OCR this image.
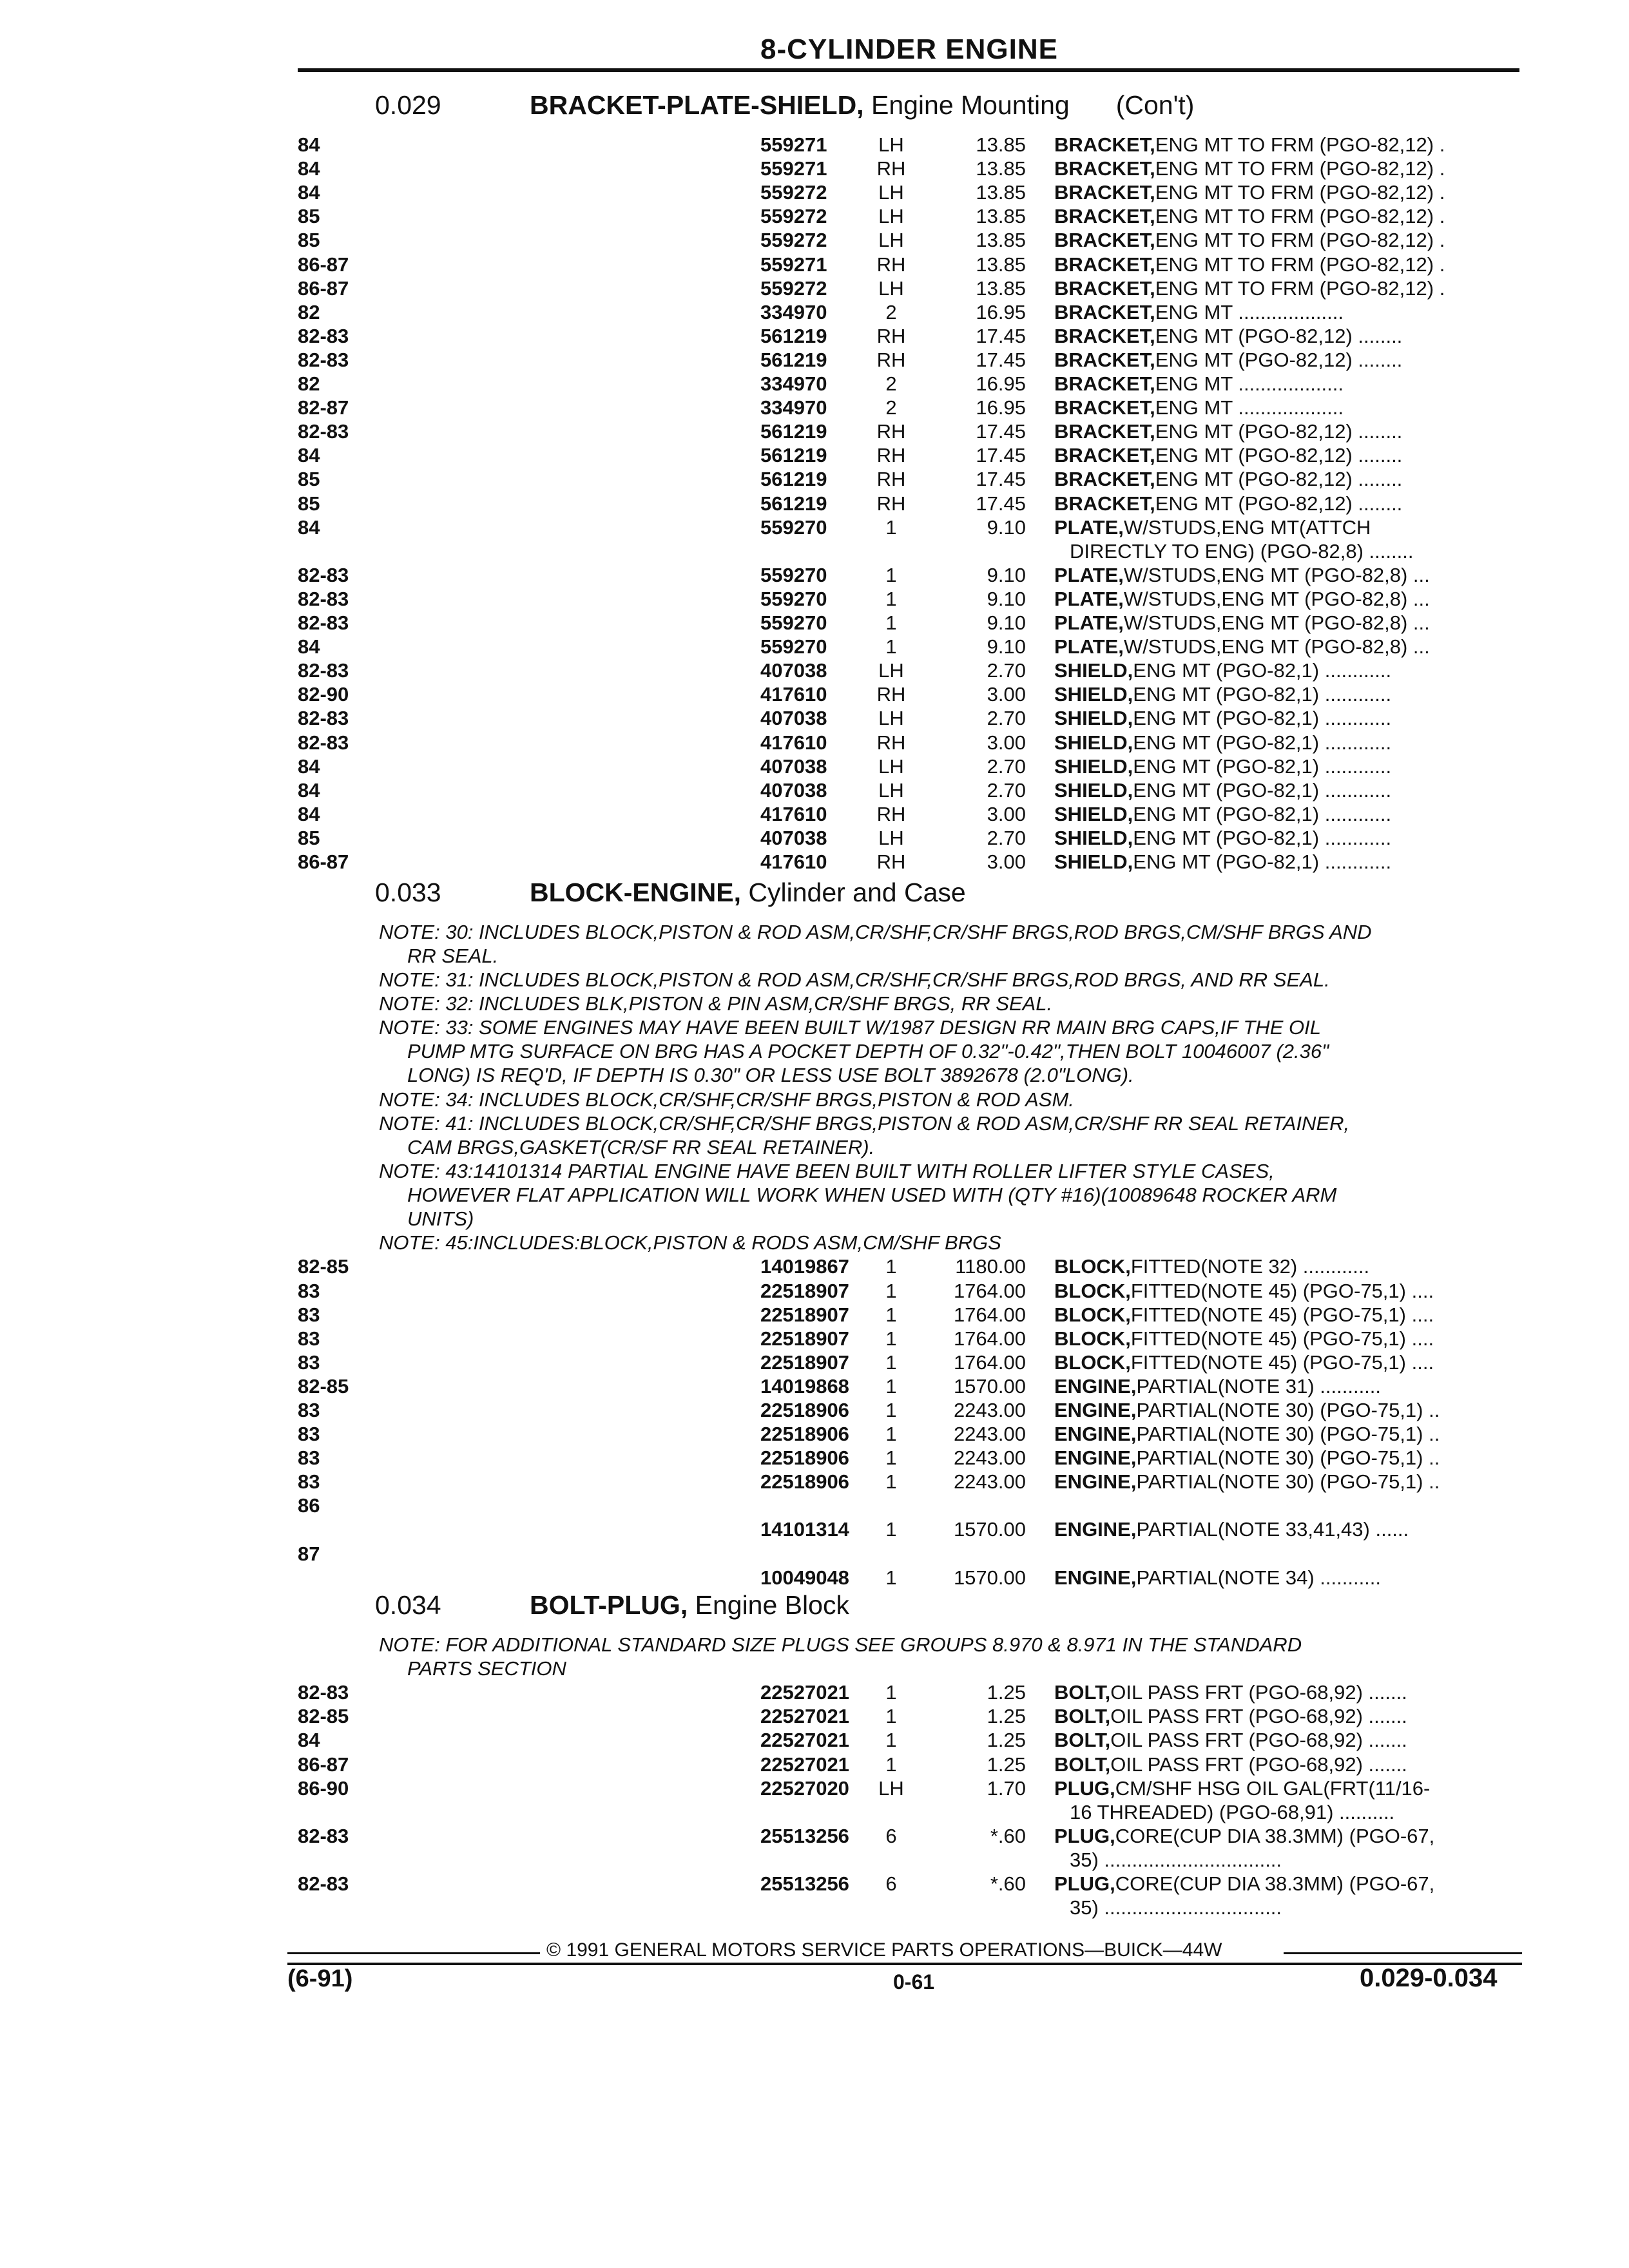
8-CYLINDER ENGINE
0.029	BRACKET-PLATE-SHIELD, Engine Mounting (Con't)
84	559271	LH	13.85 BRACKET, ENG MT TO FRM (PGO-82,12) .
84	559271	RH	13.85 BRACKET, ENG MT TO FRM (PGO-82,12) .
84	559272	LH	13.85 BRACKET, ENG MT TO FRM (PGO-82,12) .
85	559272	LH	13.85 BRACKET, ENG MT TO FRM (PGO-82,12) .
85	559272	LH	13.85 BRACKET, ENG MT TO FRM (PGO-82,12) .
86-87	559271	RH	13.85 BRACKET, ENG MT TO FRM (PGO-82,12) .
86-87	559272	LH	13.85 BRACKET, ENG MT TO FRM (PGO-82,12) .
82	334970	2	16.95 BRACKET, ENG MT ...................
82-83	561219	RH	17.45 BRACKET, ENG MT (PGO-82,12) ........
82-83	561219	RH	17.45 BRACKET, ENG MT (PGO-82,12) ........
82	334970	2	16.95 BRACKET, ENG MT ...................
82-87	334970	2	16.95 BRACKET, ENG MT ...................
82-83	561219	RH	17.45 BRACKET, ENG MT (PGO-82,12) ........
84	561219	RH	17.45 BRACKET, ENG MT (PGO-82,12) ........
85	561219	RH	17.45 BRACKET, ENG MT (PGO-82,12) ........
85	561219	RH	17.45 BRACKET, ENG MT (PGO-82,12) ........
84	559270	1	9.10 PLATE, W/STUDS,ENG MT(ATTCH
DIRECTLY TO ENG) (PGO-82,8) ........
82-83	559270	1	9.10 PLATE, W/STUDS,ENG MT (PGO-82,8) ...
82-83	559270	1	9.10 PLATE, W/STUDS,ENG MT (PGO-82,8) ...
82-83	559270	1	9.10 PLATE, W/STUDS,ENG MT (PGO-82,8) ...
84	559270	1	9.10 PLATE, W/STUDS,ENG MT (PGO-82,8) ...
82-83	407038	LH	2.70 SHIELD, ENG MT (PGO-82,1) ............
82-90	417610	RH	3.00 SHIELD, ENG MT (PGO-82,1) ............
82-83	407038	LH	2.70 SHIELD, ENG MT (PGO-82,1) ............
82-83	417610	RH	3.00 SHIELD, ENG MT (PGO-82,1) ............
84	407038	LH	2.70 SHIELD, ENG MT (PGO-82,1) ............
84	407038	LH	2.70 SHIELD, ENG MT (PGO-82,1) ............
84	417610	RH	3.00 SHIELD, ENG MT (PGO-82,1) ............
85	407038	LH	2.70 SHIELD, ENG MT (PGO-82,1) ............
86-87	417610	RH	3.00 SHIELD, ENG MT (PGO-82,1) ............
0.033	BLOCK-ENGINE, Cylinder and Case
NOTE: 30: INCLUDES BLOCK,PISTON & ROD ASM,CR/SHF,CR/SHF BRGS,ROD BRGS,CM/SHF BRGS AND
RR SEAL.
NOTE: 31: INCLUDES BLOCK,PISTON & ROD ASM,CR/SHF,CR/SHF BRGS,ROD BRGS, AND RR SEAL.
NOTE: 32: INCLUDES BLK,PISTON & PIN ASM,CR/SHF BRGS, RR SEAL.
NOTE: 33: SOME ENGINES MAY HAVE BEEN BUILT W/1987 DESIGN RR MAIN BRG CAPS,IF THE OIL
PUMP MTG SURFACE ON BRG HAS A POCKET DEPTH OF 0.32"-0.42",THEN BOLT 10046007 (2.36"
LONG) IS REQ'D, IF DEPTH IS 0.30" OR LESS USE BOLT 3892678 (2.0"LONG).
NOTE: 34: INCLUDES BLOCK,CR/SHF,CR/SHF BRGS,PISTON & ROD ASM.
NOTE: 41: INCLUDES BLOCK,CR/SHF,CR/SHF BRGS,PISTON & ROD ASM,CR/SHF RR SEAL RETAINER,
CAM BRGS,GASKET(CR/SF RR SEAL RETAINER).
NOTE: 43:14101314 PARTIAL ENGINE HAVE BEEN BUILT WITH ROLLER LIFTER STYLE CASES,
HOWEVER FLAT APPLICATION WILL WORK WHEN USED WITH (QTY #16)(10089648 ROCKER ARM
UNITS)
NOTE: 45:INCLUDES:BLOCK,PISTON & RODS ASM,CM/SHF BRGS
82-85	14019867	1	1180.00 BLOCK, FITTED(NOTE 32) ............
83	22518907	1	1764.00 BLOCK, FITTED(NOTE 45) (PGO-75,1) ....
83	22518907	1	1764.00 BLOCK, FITTED(NOTE 45) (PGO-75,1) ....
83	22518907	1	1764.00 BLOCK, FITTED(NOTE 45) (PGO-75,1) ....
83	22518907	1	1764.00 BLOCK, FITTED(NOTE 45) (PGO-75,1) ....
82-85	14019868	1	1570.00 ENGINE, PARTIAL(NOTE 31) ...........
83	22518906	1	2243.00 ENGINE, PARTIAL(NOTE 30) (PGO-75,1) ..
83	22518906	1	2243.00 ENGINE, PARTIAL(NOTE 30) (PGO-75,1) ..
83	22518906	1	2243.00 ENGINE, PARTIAL(NOTE 30) (PGO-75,1) ..
83	22518906	1	2243.00 ENGINE, PARTIAL(NOTE 30) (PGO-75,1) ..
86
14101314	1	1570.00 ENGINE, PARTIAL(NOTE 33,41,43) ......
87
10049048	1	1570.00 ENGINE, PARTIAL(NOTE 34) ...........
0.034	BOLT-PLUG, Engine Block
NOTE: FOR ADDITIONAL STANDARD SIZE PLUGS SEE GROUPS 8.970 & 8.971 IN THE STANDARD
PARTS SECTION
82-83	22527021	1	1.25 BOLT, OIL PASS FRT (PGO-68,92) .......
82-85	22527021	1	1.25 BOLT, OIL PASS FRT (PGO-68,92) .......
84	22527021	1	1.25 BOLT, OIL PASS FRT (PGO-68,92) .......
86-87	22527021	1	1.25 BOLT, OIL PASS FRT (PGO-68,92) .......
86-90	22527020	LH	1.70 PLUG, CM/SHF HSG OIL GAL(FRT(11/16-
16 THREADED) (PGO-68,91) ..........
82-83	25513256	6	*.60 PLUG, CORE(CUP DIA 38.3MM) (PGO-67,
35) ................................
82-83	25513256	6	*.60 PLUG, CORE(CUP DIA 38.3MM) (PGO-67,
35) ................................
© 1991 GENERAL MOTORS SERVICE PARTS OPERATIONS—BUICK—44W
(6-91)	0-61	0.029-0.034
